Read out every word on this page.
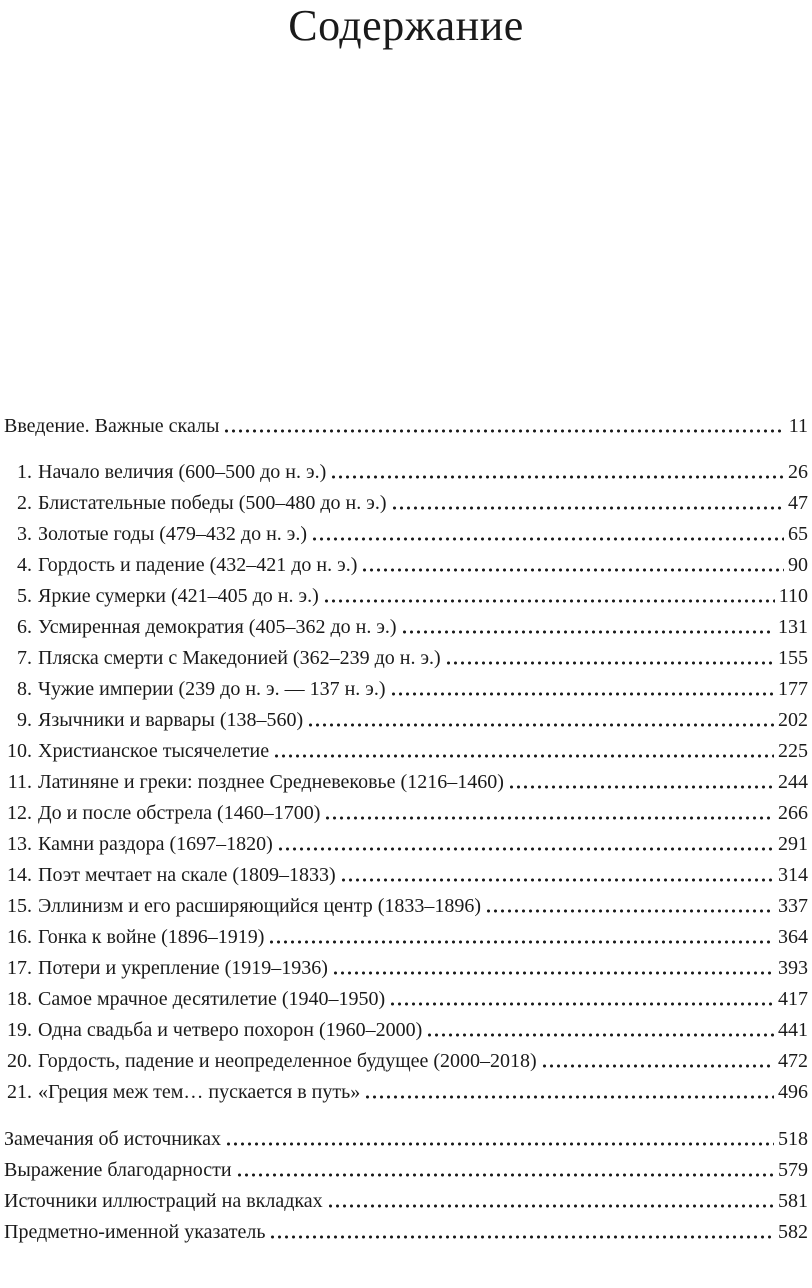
Содержание
Введение. Важные скалы	11
1. Начало величия (600–500 до н. э.)	26
2. Блистательные победы (500–480 до н. э.)	47
3. Золотые годы (479–432 до н. э.)	65
4. Гордость и падение (432–421 до н. э.)	90
5. Яркие сумерки (421–405 до н. э.)	110
6. Усмиренная демократия (405–362 до н. э.)	131
7. Пляска смерти с Македонией (362–239 до н. э.)	155
8. Чужие империи (239 до н. э. — 137 н. э.)	177
9. Язычники и варвары (138–560)	202
10. Христианское тысячелетие	225
11. Латиняне и греки: позднее Средневековье (1216–1460)	244
12. До и после обстрела (1460–1700)	266
13. Камни раздора (1697–1820)	291
14. Поэт мечтает на скале (1809–1833)	314
15. Эллинизм и его расширяющийся центр (1833–1896)	337
16. Гонка к войне (1896–1919)	364
17. Потери и укрепление (1919–1936)	393
18. Самое мрачное десятилетие (1940–1950)	417
19. Одна свадьба и четверо похорон (1960–2000)	441
20. Гордость, падение и неопределенное будущее (2000–2018)	472
21. «Греция меж тем… пускается в путь»	496
Замечания об источниках	518
Выражение благодарности	579
Источники иллюстраций на вкладках	581
Предметно-именной указатель	582
